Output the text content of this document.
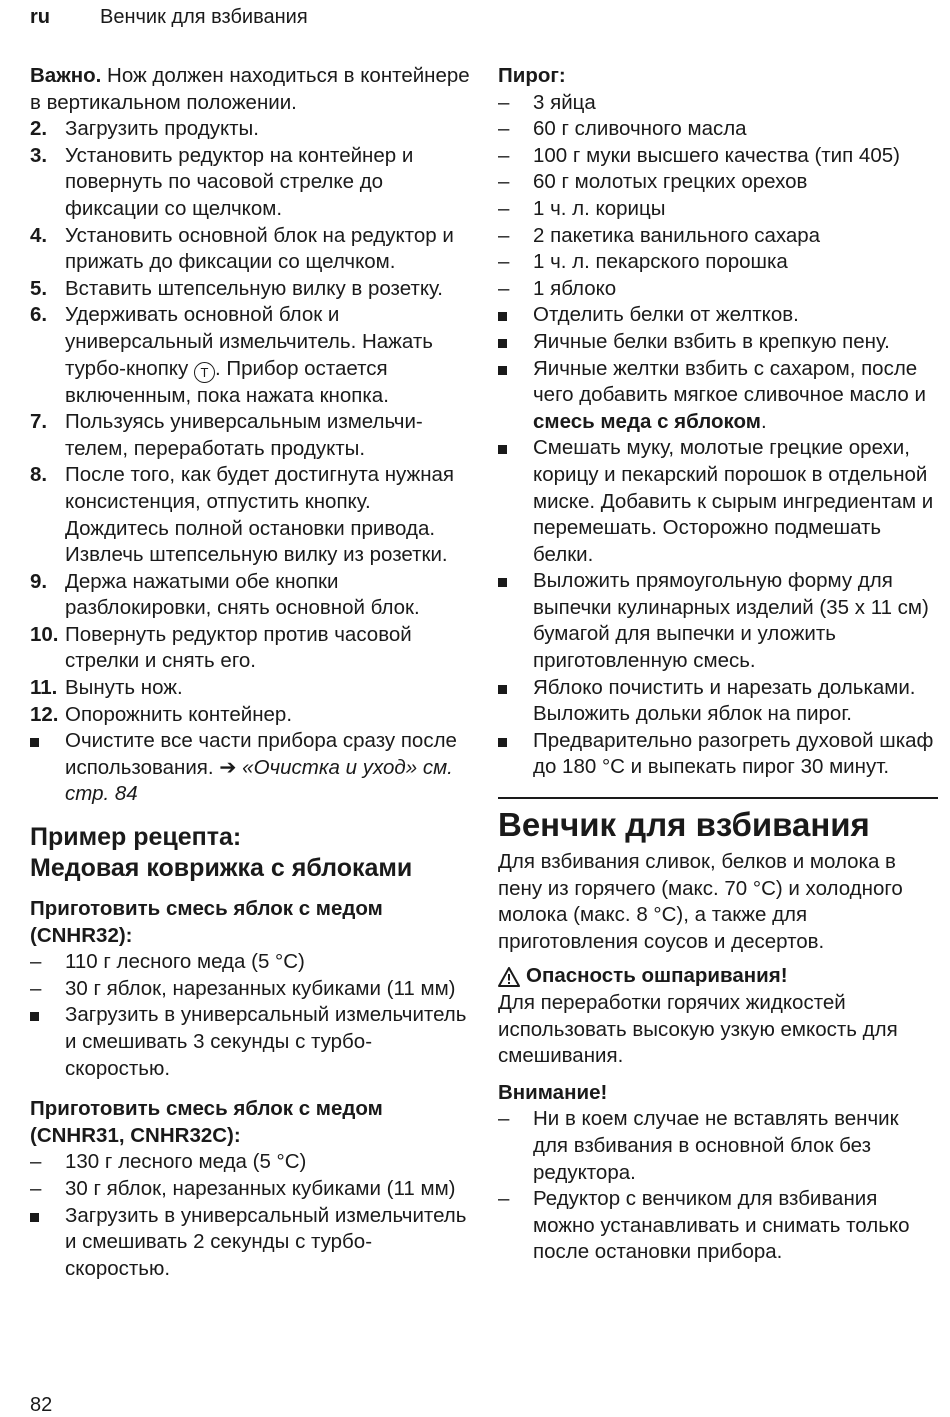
ru	Венчик для взбивания

Важно. Нож должен находиться в контейнере в вертикальном положении.

2. Загрузить продукты.
3. Установить редуктор на контейнер и повернуть по часовой стрелке до фиксации со щелчком.
4. Установить основной блок на редуктор и прижать до фиксации со щелчком.
5. Вставить штепсельную вилку в розетку.
6. Удерживать основной блок и универсальный измельчитель. Нажать турбо-кнопку T . Прибор остается включенным, пока нажата кнопка.
7. Пользуясь универсальным измельчи-телем, переработать продукты.
8. После того, как будет достигнута нужная консистенция, отпустить кнопку. Дождитесь полной остановки привода. Извлечь штепсельную вилку из розетки.
9. Держа нажатыми обе кнопки разблокировки, снять основной блок.
10. Повернуть редуктор против часовой стрелки и снять его.
11. Вынуть нож.
12. Опорожнить контейнер.
Очистите все части прибора сразу после использования. ➔ «Очистка и уход» см. стр. 84
Пример рецепта:
Медовая коврижка с яблоками
Приготовить смесь яблок с медом (CNHR32):
–	110 г лесного меда (5 °C)
–	30 г яблок, нарезанных кубиками (11 мм)
Загрузить в универсальный измельчитель и смешивать 3 секунды с турбо-скоростью.
Приготовить смесь яблок с медом (CNHR31, CNHR32C):
–	130 г лесного меда (5 °C)
–	30 г яблок, нарезанных кубиками (11 мм)
Загрузить в универсальный измельчитель и смешивать 2 секунды с турбо-скоростью.
Пирог:
–	3 яйца
–	60 г сливочного масла
–	100 г муки высшего качества (тип 405)
–	60 г молотых грецких орехов
–	1 ч. л. корицы
–	2 пакетика ванильного сахара
–	1 ч. л. пекарского порошка
–	1 яблоко
Отделить белки от желтков.
Яичные белки взбить в крепкую пену.
Яичные желтки взбить с сахаром, после чего добавить мягкое сливочное масло и смесь меда с яблоком.
Смешать муку, молотые грецкие орехи, корицу и пекарский порошок в отдельной миске. Добавить к сырым ингредиентам и перемешать. Осторожно подмешать белки.
Выложить прямоугольную форму для выпечки кулинарных изделий (35 x 11 см) бумагой для выпечки и уложить приготовленную смесь.
Яблоко почистить и нарезать дольками. Выложить дольки яблок на пирог.
Предварительно разогреть духовой шкаф до 180 °C и выпекать пирог 30 минут.
Венчик для взбивания

Для взбивания сливок, белков и молока в пену из горячего (макс. 70 °C) и холодного молока (макс. 8 °C), а также для приготовления соусов и десертов.

Опасность ошпаривания!

Для переработки горячих жидкостей использовать высокую узкую емкость для смешивания.

Внимание!
–	Ни в коем случае не вставлять венчик для взбивания в основной блок без редуктора.
–	Редуктор с венчиком для взбивания можно устанавливать и снимать только после остановки прибора.
82
